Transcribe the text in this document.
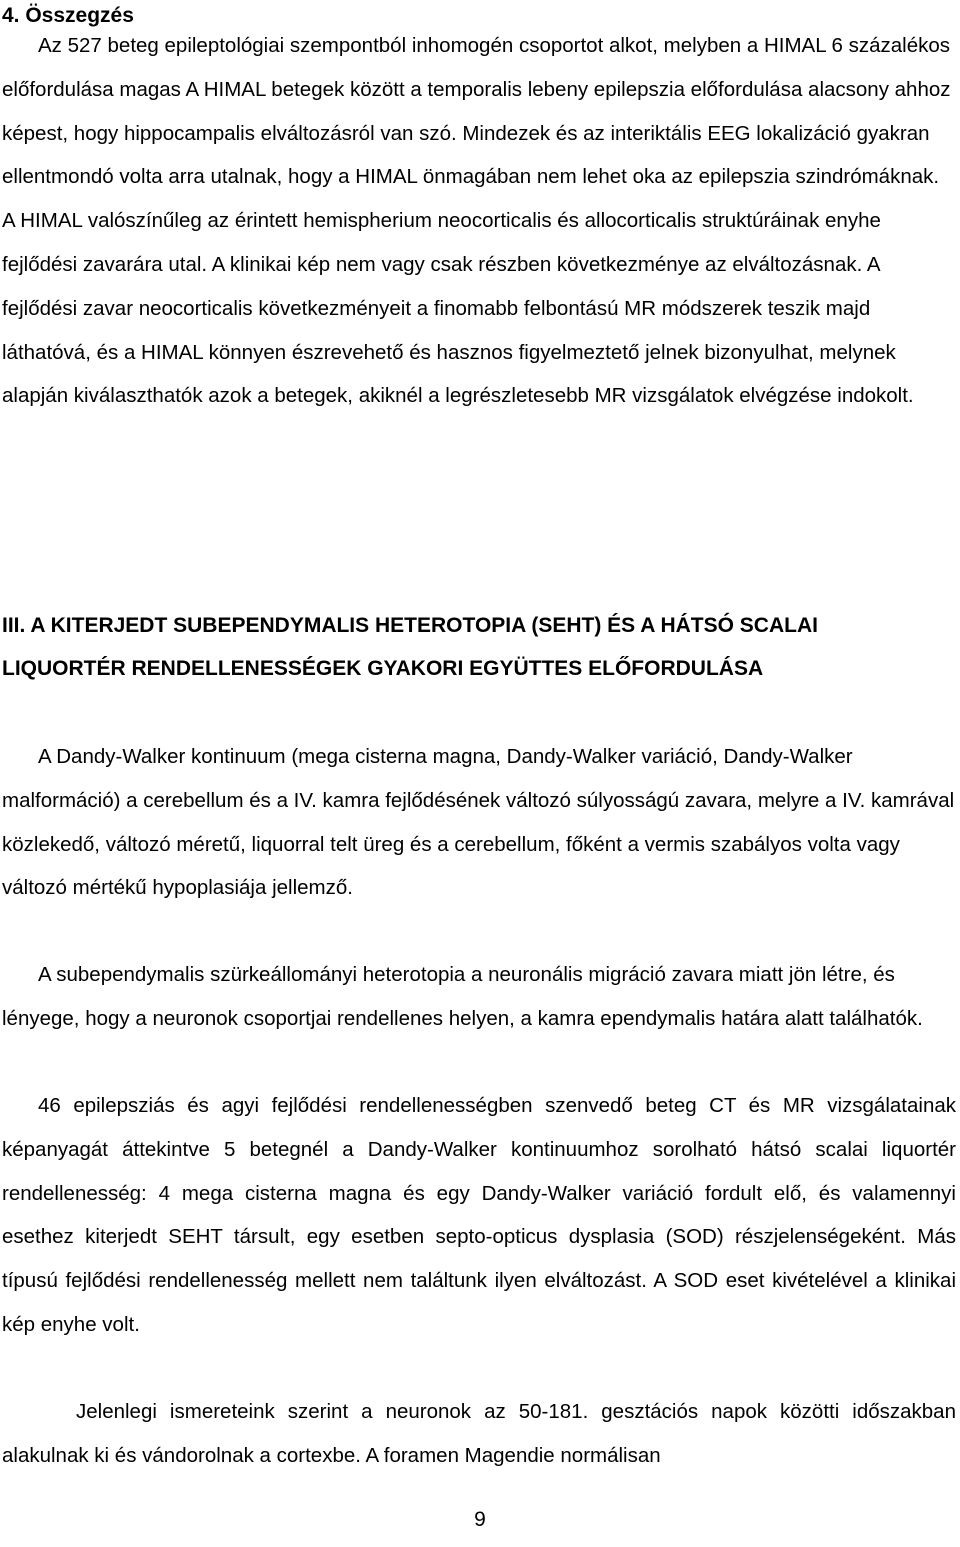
4. Összegzés

Az 527 beteg epileptológiai szempontból inhomogén csoportot alkot, melyben a HIMAL 6 százalékos előfordulása magas A HIMAL betegek között a temporalis lebeny epilepszia előfordulása alacsony ahhoz képest, hogy hippocampalis elváltozásról van szó. Mindezek és az interiktális EEG lokalizáció gyakran ellentmondó volta arra utalnak, hogy a HIMAL önmagában nem lehet oka az epilepszia szindrómáknak. A HIMAL valószínűleg az érintett hemispherium neocorticalis és allocorticalis struktúráinak enyhe fejlődési zavarára utal. A klinikai kép nem vagy csak részben következménye az elváltozásnak. A fejlődési zavar neocorticalis következményeit a finomabb felbontású MR módszerek teszik majd láthatóvá, és a HIMAL könnyen észrevehető és hasznos figyelmeztető jelnek bizonyulhat, melynek alapján kiválaszthatók azok a betegek, akiknél a legrészletesebb MR vizsgálatok elvégzése indokolt.

III. A KITERJEDT SUBEPENDYMALIS HETEROTOPIA (SEHT) ÉS A HÁTSÓ SCALAI LIQUORTÉR RENDELLENESSÉGEK GYAKORI EGYÜTTES ELŐFORDULÁSA

A Dandy-Walker kontinuum (mega cisterna magna, Dandy-Walker variáció, Dandy-Walker malformáció) a cerebellum és a IV. kamra fejlődésének változó súlyosságú zavara, melyre a IV. kamrával közlekedő, változó méretű, liquorral telt üreg és a cerebellum, főként a vermis szabályos volta vagy változó mértékű hypoplasiája jellemző.

A subependymalis szürkeállományi heterotopia a neuronális migráció zavara miatt jön létre, és lényege, hogy a neuronok csoportjai rendellenes helyen, a kamra ependymalis határa alatt találhatók.

46 epilepsziás és agyi fejlődési rendellenességben szenvedő beteg CT és MR vizsgálatainak képanyagát áttekintve 5 betegnél a Dandy-Walker kontinuumhoz sorolható hátsó scalai liquortér rendellenesség: 4 mega cisterna magna és egy Dandy-Walker variáció fordult elő, és valamennyi esethez kiterjedt SEHT társult, egy esetben septo-opticus dysplasia (SOD) részjelenségeként. Más típusú fejlődési rendellenesség mellett nem találtunk ilyen elváltozást. A SOD eset kivételével a klinikai kép enyhe volt.

Jelenlegi ismereteink szerint a neuronok az 50-181. gesztációs napok közötti időszakban alakulnak ki és vándorolnak a cortexbe. A foramen Magendie normálisan

9
